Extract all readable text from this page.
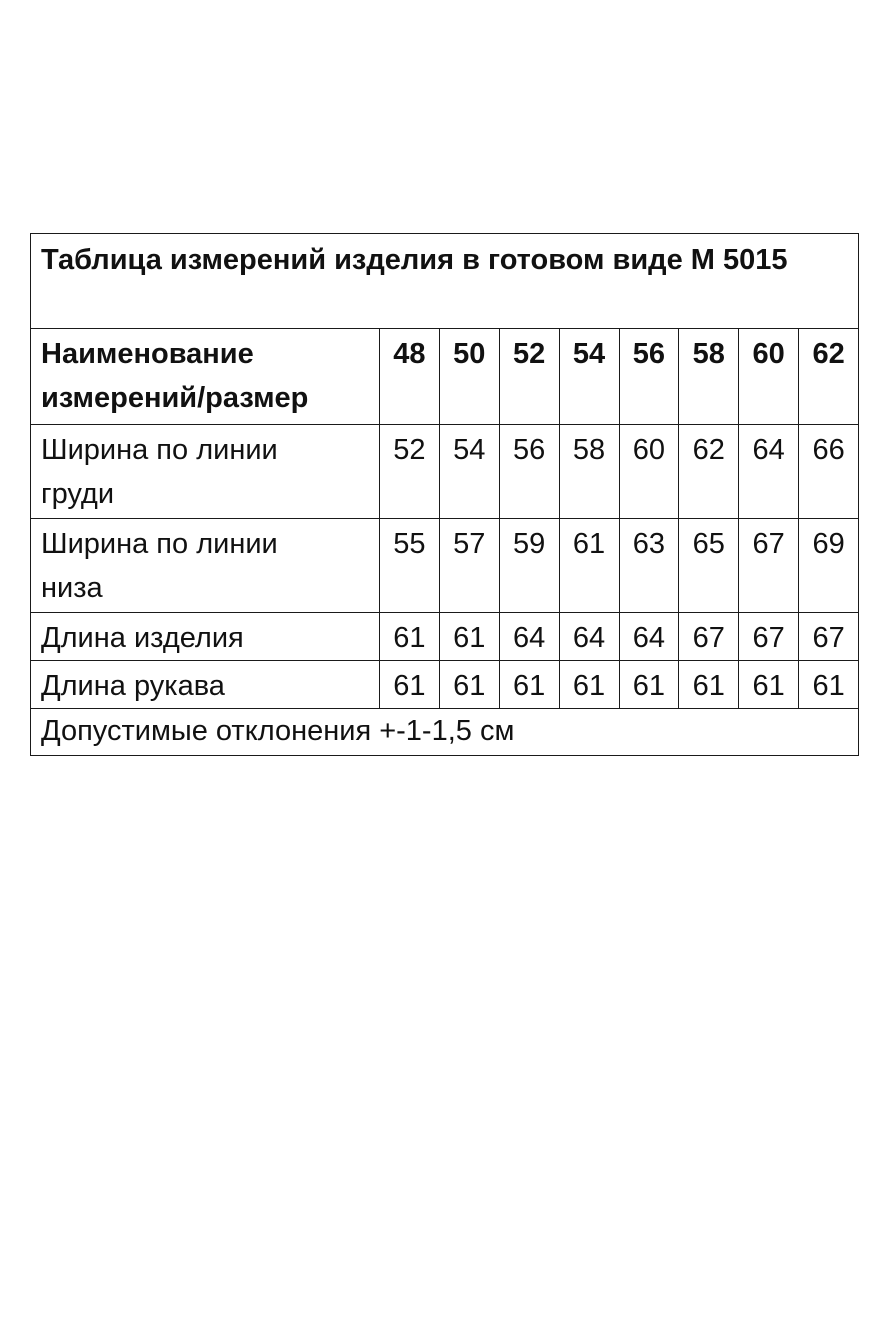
Таблица измерений изделия в готовом виде М 5015								

Наименование
измерений/размер	48	50	52	54	56	58	60	62

Ширина по линии
груди	52	54	56	58	60	62	64	66

Ширина по линии
низа	55	57	59	61	63	65	67	69
Длина изделия	61	61	64	64	64	67	67	67
Длина рукава	61	61	61	61	61	61	61	61
Допустимые отклонения +-1-1,5 см								
